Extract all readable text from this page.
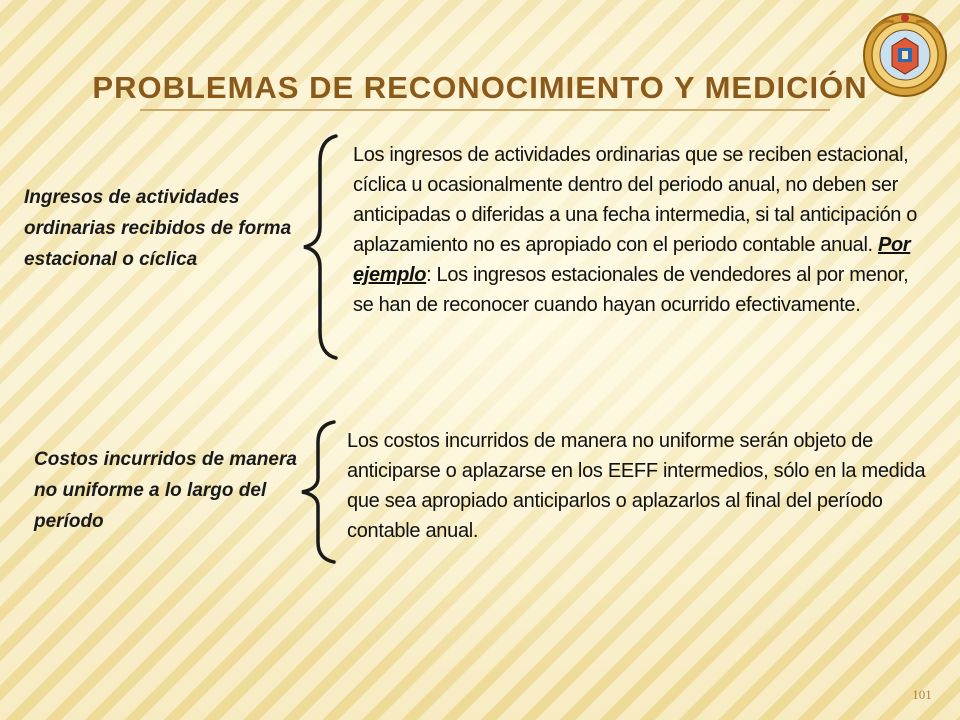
PROBLEMAS DE RECONOCIMIENTO Y MEDICIÓN
Ingresos de actividades ordinarias recibidos de forma estacional o cíclica
Los ingresos de actividades ordinarias que se reciben estacional, cíclica u ocasionalmente dentro del periodo anual, no deben ser anticipadas o diferidas a una fecha intermedia, si tal anticipación o aplazamiento no es apropiado con el periodo contable anual. Por ejemplo: Los ingresos estacionales de vendedores al por menor, se han de reconocer cuando hayan ocurrido efectivamente.
Costos incurridos de manera no uniforme a lo largo del período
Los costos incurridos de manera no uniforme serán objeto de anticiparse o aplazarse en los EEFF intermedios, sólo en la medida que sea apropiado anticiparlos o aplazarlos al final del período contable anual.
101
